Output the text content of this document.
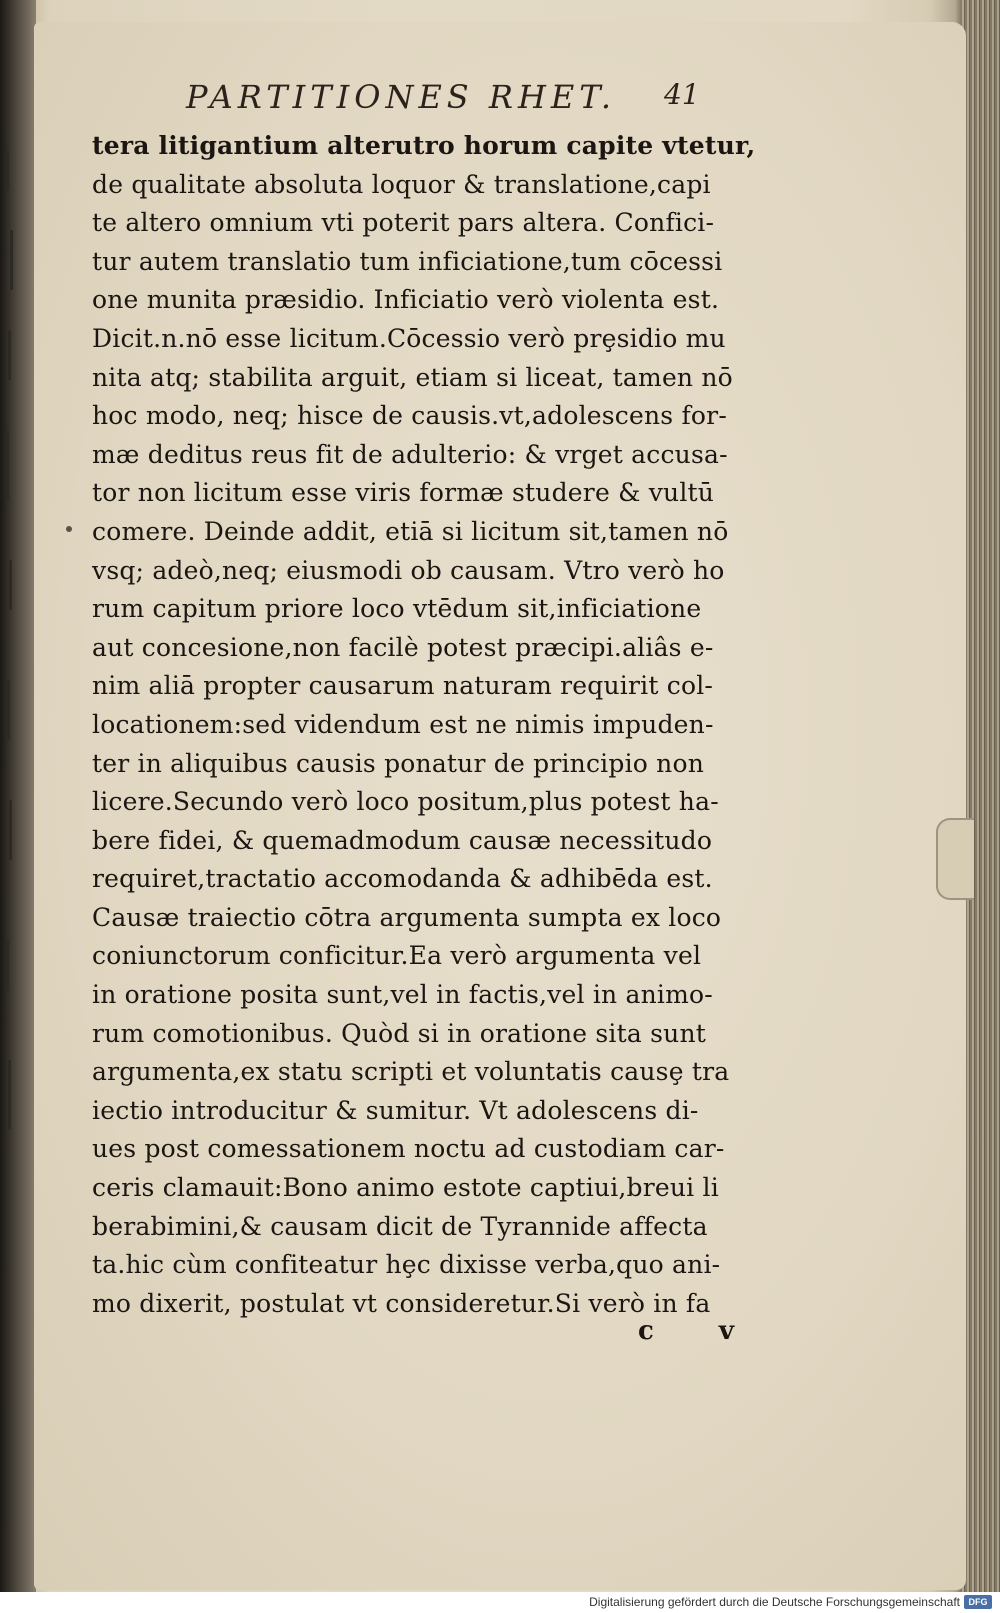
PARTITIONES RHET.	41
tera litigantium alterutro horum capite vtetur,
de qualitate absoluta loquor & translatione,capi
te altero omnium vti poterit pars altera. Confici-
tur autem translatio tum inficiatione,tum cōcessi
one munita præsidio. Inficiatio verò violenta est.
Dicit.n.nō esse licitum.Cōcessio verò prȩsidio mu
nita atq; stabilita arguit, etiam si liceat, tamen nō
hoc modo, neq; hisce de causis.vt,adolescens for-
mæ deditus reus fit de adulterio: & vrget accusa-
tor non licitum esse viris formæ studere & vultū
comere. Deinde addit, etiā si licitum sit,tamen nō
vsq; adeò,neq; eiusmodi ob causam. Vtro verò ho
rum capitum priore loco vtēdum sit,inficiatione
aut concesione,non facilè potest præcipi.aliâs e-
nim aliā propter causarum naturam requirit col-
locationem:sed videndum est ne nimis impuden-
ter in aliquibus causis ponatur de principio non
licere.Secundo verò loco positum,plus potest ha-
bere fidei, & quemadmodum causæ necessitudo
requiret,tractatio accomodanda & adhibēda est.
Causæ traiectio cōtra argumenta sumpta ex loco
coniunctorum conficitur.Ea verò argumenta vel
in oratione posita sunt,vel in factis,vel in animo-
rum comotionibus. Quòd si in oratione sita sunt
argumenta,ex statu scripti et voluntatis causȩ tra
iectio introducitur & sumitur. Vt adolescens di-
ues post comessationem noctu ad custodiam car-
ceris clamauit:Bono animo estote captiui,breui li
berabimini,& causam dicit de Tyrannide affecta
ta.hic cùm confiteatur hȩc dixisse verba,quo ani-
mo dixerit, postulat vt consideretur.Si verò in fa
c v
Digitalisierung gefördert durch die Deutsche Forschungsgemeinschaft DFG
